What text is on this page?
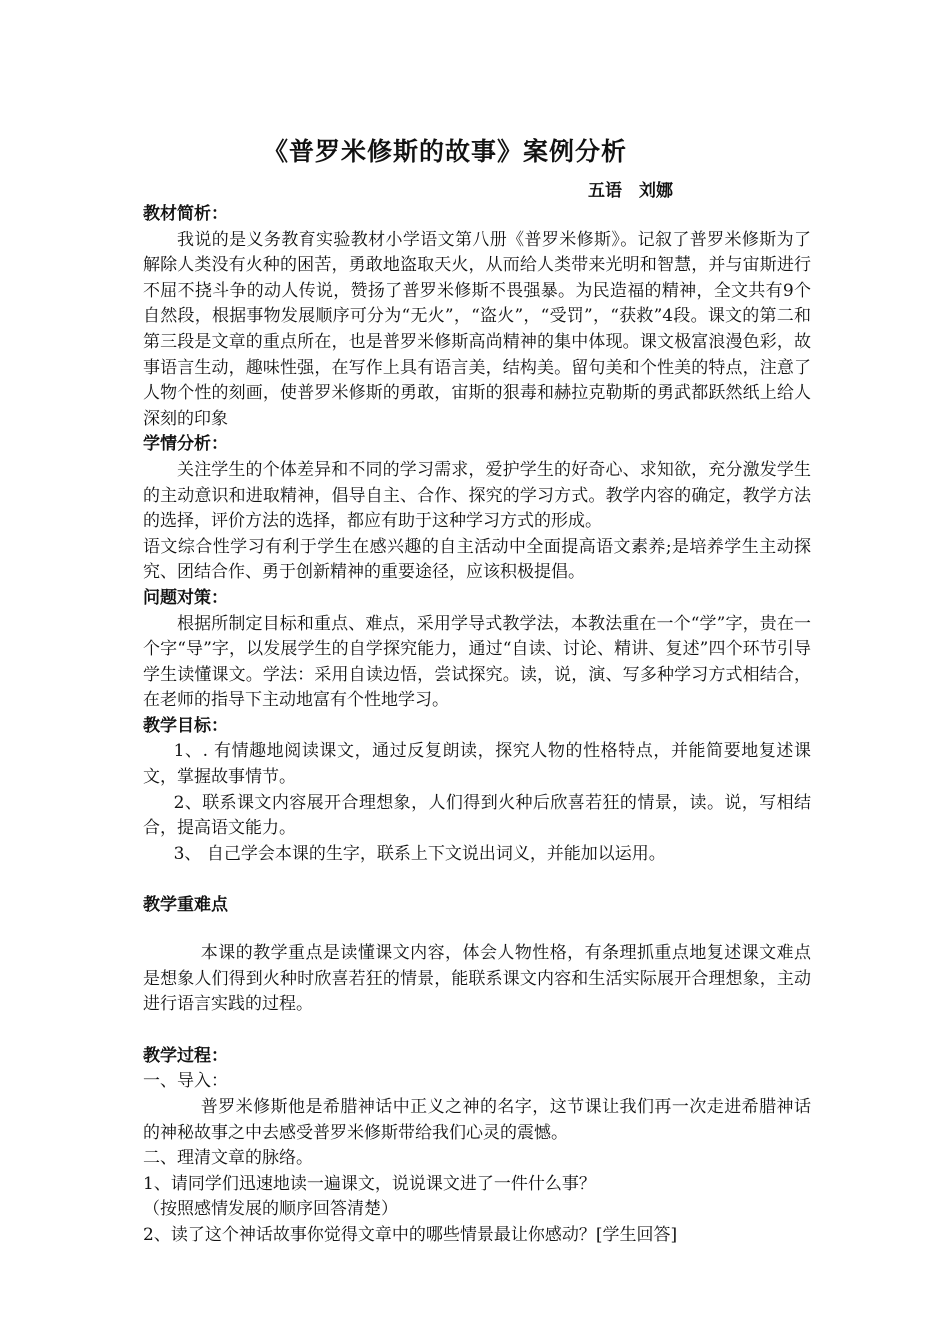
《普罗米修斯的故事》案例分析
五语　刘娜

教材简析：

我说的是义务教育实验教材小学语文第八册《普罗米修斯》。记叙了普罗米修斯为了解除人类没有火种的困苦，勇敢地盗取天火，从而给人类带来光明和智慧，并与宙斯进行不屈不挠斗争的动人传说，赞扬了普罗米修斯不畏强暴。为民造福的精神，全文共有9个自然段，根据事物发展顺序可分为“无火”，“盗火”，“受罚”，“获救”4段。课文的第二和第三段是文章的重点所在，也是普罗米修斯高尚精神的集中体现。课文极富浪漫色彩，故事语言生动，趣味性强，在写作上具有语言美，结构美。留句美和个性美的特点，注意了人物个性的刻画，使普罗米修斯的勇敢，宙斯的狠毒和赫拉克勒斯的勇武都跃然纸上给人深刻的印象

学情分析：

关注学生的个体差异和不同的学习需求，爱护学生的好奇心、求知欲，充分激发学生的主动意识和进取精神，倡导自主、合作、探究的学习方式。教学内容的确定，教学方法的选择，评价方法的选择，都应有助于这种学习方式的形成。

语文综合性学习有利于学生在感兴趣的自主活动中全面提高语文素养;是培养学生主动探究、团结合作、勇于创新精神的重要途径，应该积极提倡。

问题对策：

根据所制定目标和重点、难点，采用学导式教学法，本教法重在一个“学”字，贵在一个字“导”字，以发展学生的自学探究能力，通过“自读、讨论、精讲、复述”四个环节引导学生读懂课文。学法：采用自读边悟，尝试探究。读，说，演、写多种学习方式相结合，在老师的指导下主动地富有个性地学习。

教学目标：

1、. 有情趣地阅读课文，通过反复朗读，探究人物的性格特点，并能简要地复述课文，掌握故事情节。

2、联系课文内容展开合理想象，人们得到火种后欣喜若狂的情景，读。说，写相结合，提高语文能力。

3、 自己学会本课的生字，联系上下文说出词义，并能加以运用。

教学重难点

本课的教学重点是读懂课文内容，体会人物性格，有条理抓重点地复述课文难点是想象人们得到火种时欣喜若狂的情景，能联系课文内容和生活实际展开合理想象，主动进行语言实践的过程。

教学过程：

一、导入：

普罗米修斯他是希腊神话中正义之神的名字，这节课让我们再一次走进希腊神话的神秘故事之中去感受普罗米修斯带给我们心灵的震憾。

二、理清文章的脉络。

1、请同学们迅速地读一遍课文，说说课文进了一件什么事？

（按照感情发展的顺序回答清楚）

2、读了这个神话故事你觉得文章中的哪些情景最让你感动？[学生回答]
